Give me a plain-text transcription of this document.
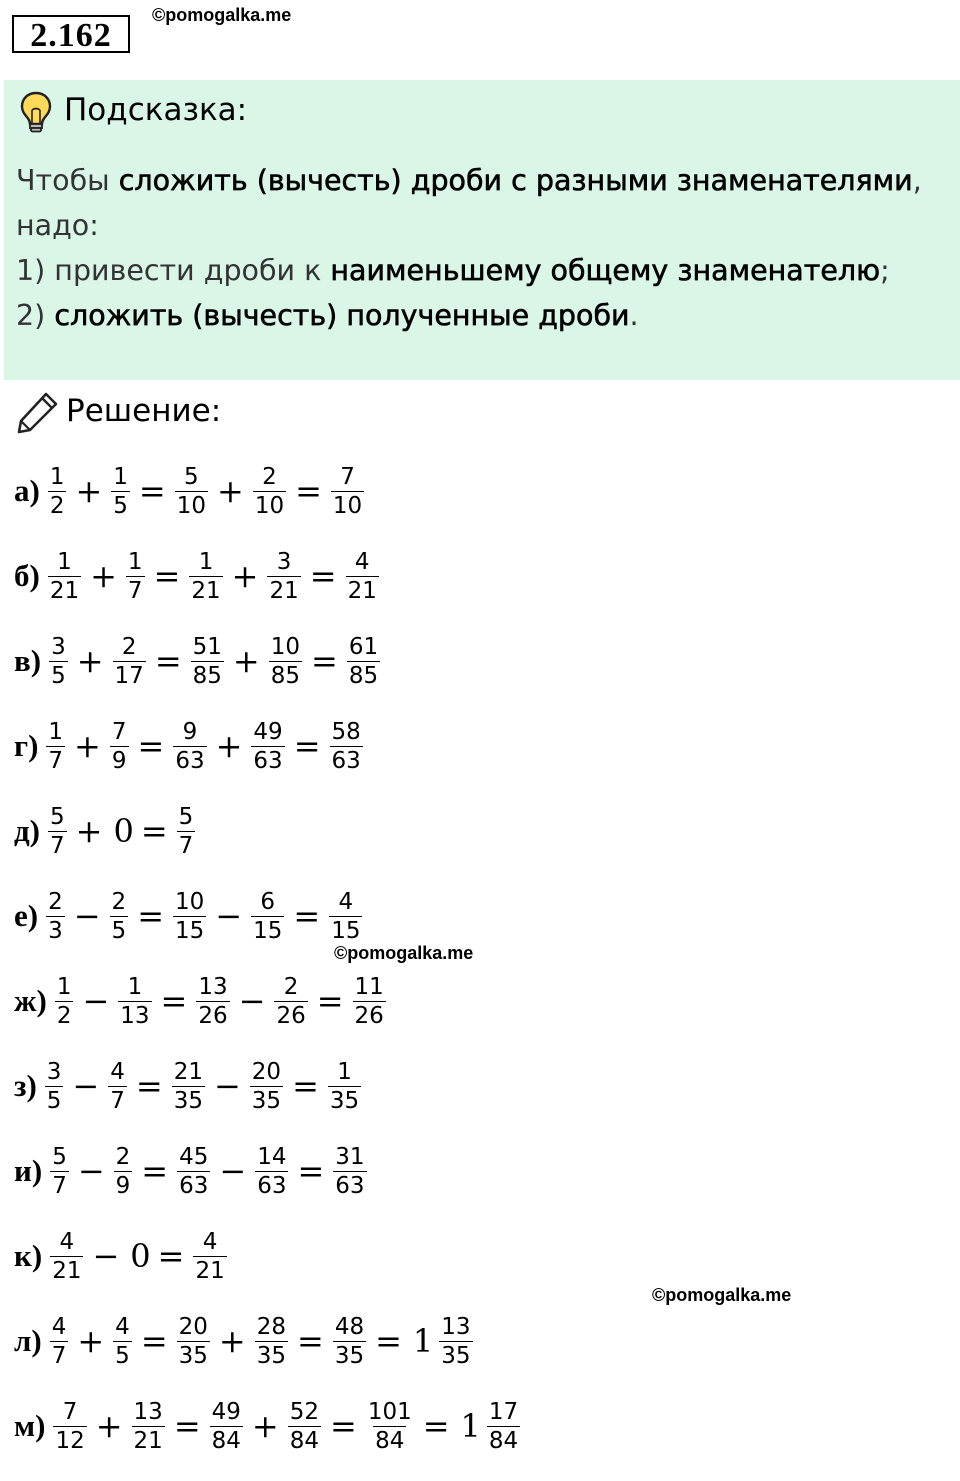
2.162
©pomogalka.me
©pomogalka.me
©pomogalka.me
Подсказка:
Чтобы сложить (вычесть) дроби с разными знаменателями,
надо:
1) привести дроби к наименьшему общему знаменателю;
2) сложить (вычесть) полученные дроби.
Решение:
$а) \frac{1}{2} + \frac{1}{5} = \frac{5}{10} + \frac{2}{10} = \frac{7}{10}$
$б) \frac{1}{21} + \frac{1}{7} = \frac{1}{21} + \frac{3}{21} = \frac{4}{21}$
$в) \frac{3}{5} + \frac{2}{17} = \frac{51}{85} + \frac{10}{85} = \frac{61}{85}$
$г) \frac{1}{7} + \frac{7}{9} = \frac{9}{63} + \frac{49}{63} = \frac{58}{63}$
$д) \frac{5}{7} + 0 = \frac{5}{7}$
$е) \frac{2}{3} - \frac{2}{5} = \frac{10}{15} - \frac{6}{15} = \frac{4}{15}$
$ж) \frac{1}{2} - \frac{1}{13} = \frac{13}{26} - \frac{2}{26} = \frac{11}{26}$
$з) \frac{3}{5} - \frac{4}{7} = \frac{21}{35} - \frac{20}{35} = \frac{1}{35}$
$и) \frac{5}{7} - \frac{2}{9} = \frac{45}{63} - \frac{14}{63} = \frac{31}{63}$
$к) \frac{4}{21} - 0 = \frac{4}{21}$
$л) \frac{4}{7} + \frac{4}{5} = \frac{20}{35} + \frac{28}{35} = \frac{48}{35} = 1 \frac{13}{35}$
$м) \frac{7}{12} + \frac{13}{21} = \frac{49}{84} + \frac{52}{84} = \frac{101}{84} = 1 \frac{17}{84}$
